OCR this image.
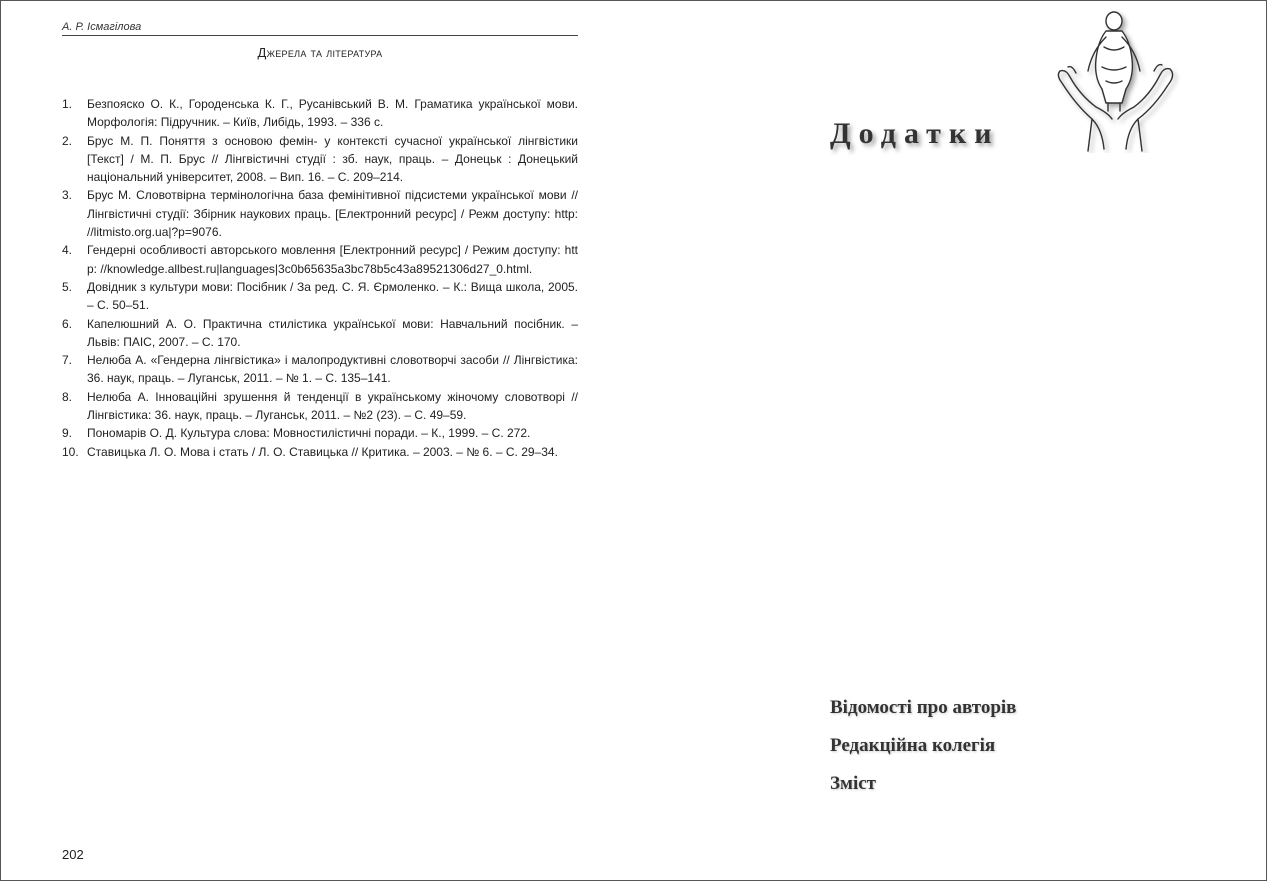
А. Р. Ісмагілова
Джерела та література
1. Безпояско О. К., Городенська К. Г., Русанівський В. М. Граматика української мови. Морфологія: Підручник. – Київ, Либідь, 1993. – 336 с.
2. Брус М. П. Поняття з основою фемін- у контексті сучасної української лінгвістики [Текст] / М. П. Брус // Лінгвістичні студії : зб. наук, праць. – Донецьк : Донецький національний університет, 2008. – Вип. 16. – С. 209–214.
3. Брус М. Словотвірна термінологічна база фемінітивної підсистеми української мови // Лінгвістичні студії: Збірник наукових праць. [Електронний ресурс] / Режм доступу: http: //litmisto.org.ua|?p=9076.
4. Гендерні особливості авторського мовлення [Електронний ресурс] / Режим доступу: http: //knowledge.allbest.ru|languages|3c0b65635a3bc78b5c43a89521306d27_0.html.
5. Довідник з культури мови: Посібник / За ред. С. Я. Єрмоленко. – К.: Вища школа, 2005. – С. 50–51.
6. Капелюшний А. О. Практична стилістика української мови: Навчальний посібник. – Львів: ПАІС, 2007. – С. 170.
7. Нелюба А. «Гендерна лінгвістика» і малопродуктивні словотворчі засоби // Лінгвістика: 36. наук, праць. – Луганськ, 2011. – № 1. – С. 135–141.
8. Нелюба А. Інноваційні зрушення й тенденції в українському жіночому словотворі // Лінгвістика: 36. наук, праць. – Луганськ, 2011. – №2 (23). – С. 49–59.
9. Пономарів О. Д. Культура слова: Мовностилістичні поради. – К., 1999. – С. 272.
10. Ставицька Л. О. Мова і стать / Л. О. Ставицька // Критика. – 2003. – № 6. – С. 29–34.
202
Додатки
Відомості про авторів
Редакційна колегія
Зміст
